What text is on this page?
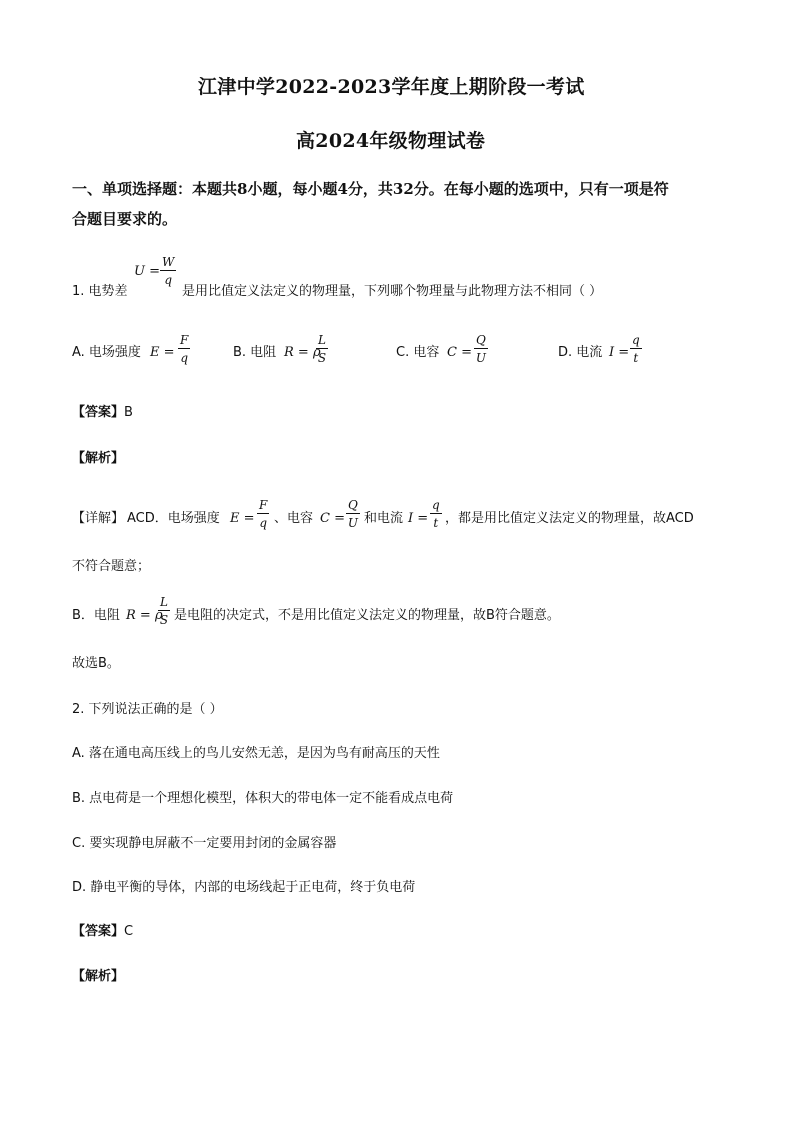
江津中学2022-2023学年度上期阶段一考试
高2024年级物理试卷
一、单项选择题：本题共8小题，每小题4分，共32分。在每小题的选项中，只有一项是符
合题目要求的。
U =
W
q
1. 电势差	是用比值定义法定义的物理量，下列哪个物理量与此物理方法不相同（ ）
A. 电场强度 E =
F
q	B. 电阻 R = ρ
L
S	C. 电容 C =
Q
U	D. 电流 I =
q
t
【答案】B
【解析】
【详解】 ACD．电场强度 E =
F
q 、电容 C =
Q
U 和电流 I =
q
t ，都是用比值定义法定义的物理量，故ACD
不符合题意；
B．电阻 R = ρ
L
S 是电阻的决定式，不是用比值定义法定义的物理量，故B符合题意。
故选B。
2. 下列说法正确的是（ ）
A. 落在通电高压线上的鸟儿安然无恙，是因为鸟有耐高压的天性
B. 点电荷是一个理想化模型，体积大的带电体一定不能看成点电荷
C. 要实现静电屏蔽不一定要用封闭的金属容器
D. 静电平衡的导体，内部的电场线起于正电荷，终于负电荷
【答案】C
【解析】
